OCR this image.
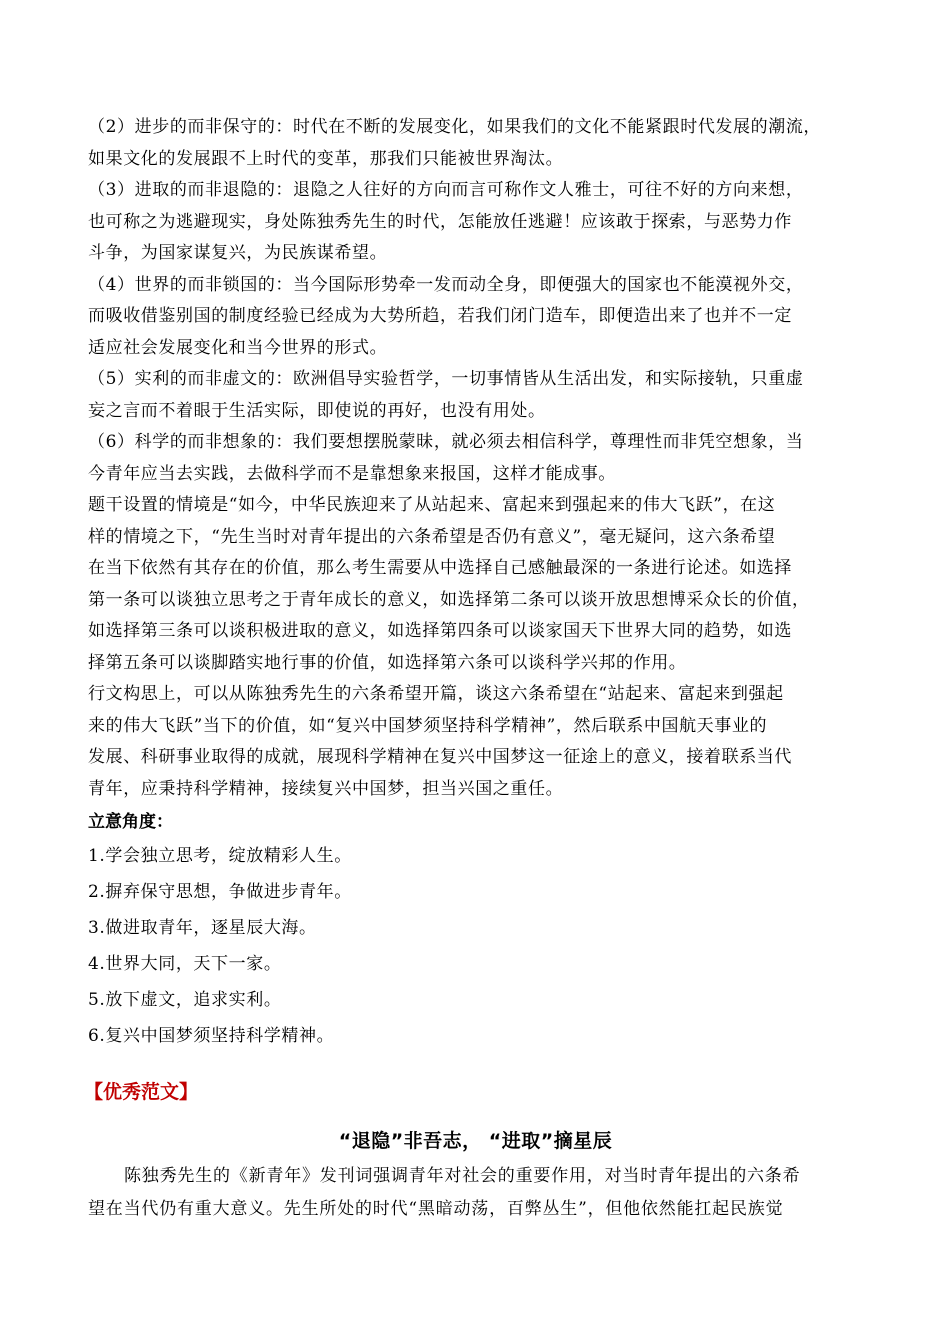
（2）进步的而非保守的：时代在不断的发展变化，如果我们的文化不能紧跟时代发展的潮流，
如果文化的发展跟不上时代的变革，那我们只能被世界淘汰。

（3）进取的而非退隐的：退隐之人往好的方向而言可称作文人雅士，可往不好的方向来想，
也可称之为逃避现实，身处陈独秀先生的时代，怎能放任逃避！应该敢于探索，与恶势力作
斗争，为国家谋复兴，为民族谋希望。

（4）世界的而非锁国的：当今国际形势牵一发而动全身，即便强大的国家也不能漠视外交，
而吸收借鉴别国的制度经验已经成为大势所趋，若我们闭门造车，即便造出来了也并不一定
适应社会发展变化和当今世界的形式。

（5）实利的而非虚文的：欧洲倡导实验哲学，一切事情皆从生活出发，和实际接轨，只重虚
妄之言而不着眼于生活实际，即使说的再好，也没有用处。

（6）科学的而非想象的：我们要想摆脱蒙昧，就必须去相信科学，尊理性而非凭空想象，当
今青年应当去实践，去做科学而不是靠想象来报国，这样才能成事。

题干设置的情境是“如今，中华民族迎来了从站起来、富起来到强起来的伟大飞跃”，在这
样的情境之下，“先生当时对青年提出的六条希望是否仍有意义”，毫无疑问，这六条希望
在当下依然有其存在的价值，那么考生需要从中选择自己感触最深的一条进行论述。如选择
第一条可以谈独立思考之于青年成长的意义，如选择第二条可以谈开放思想博采众长的价值，
如选择第三条可以谈积极进取的意义，如选择第四条可以谈家国天下世界大同的趋势，如选
择第五条可以谈脚踏实地行事的价值，如选择第六条可以谈科学兴邦的作用。

行文构思上，可以从陈独秀先生的六条希望开篇，谈这六条希望在“站起来、富起来到强起
来的伟大飞跃”当下的价值，如“复兴中国梦须坚持科学精神”，然后联系中国航天事业的
发展、科研事业取得的成就，展现科学精神在复兴中国梦这一征途上的意义，接着联系当代
青年，应秉持科学精神，接续复兴中国梦，担当兴国之重任。

立意角度：

1.学会独立思考，绽放精彩人生。

2.摒弃保守思想，争做进步青年。

3.做进取青年，逐星辰大海。

4.世界大同，天下一家。

5.放下虚文，追求实利。

6.复兴中国梦须坚持科学精神。

【优秀范文】
“退隐”非吾志， “进取”摘星辰

陈独秀先生的《新青年》发刊词强调青年对社会的重要作用，对当时青年提出的六条希
望在当代仍有重大意义。先生所处的时代“黑暗动荡，百弊丛生”，但他依然能扛起民族觉
